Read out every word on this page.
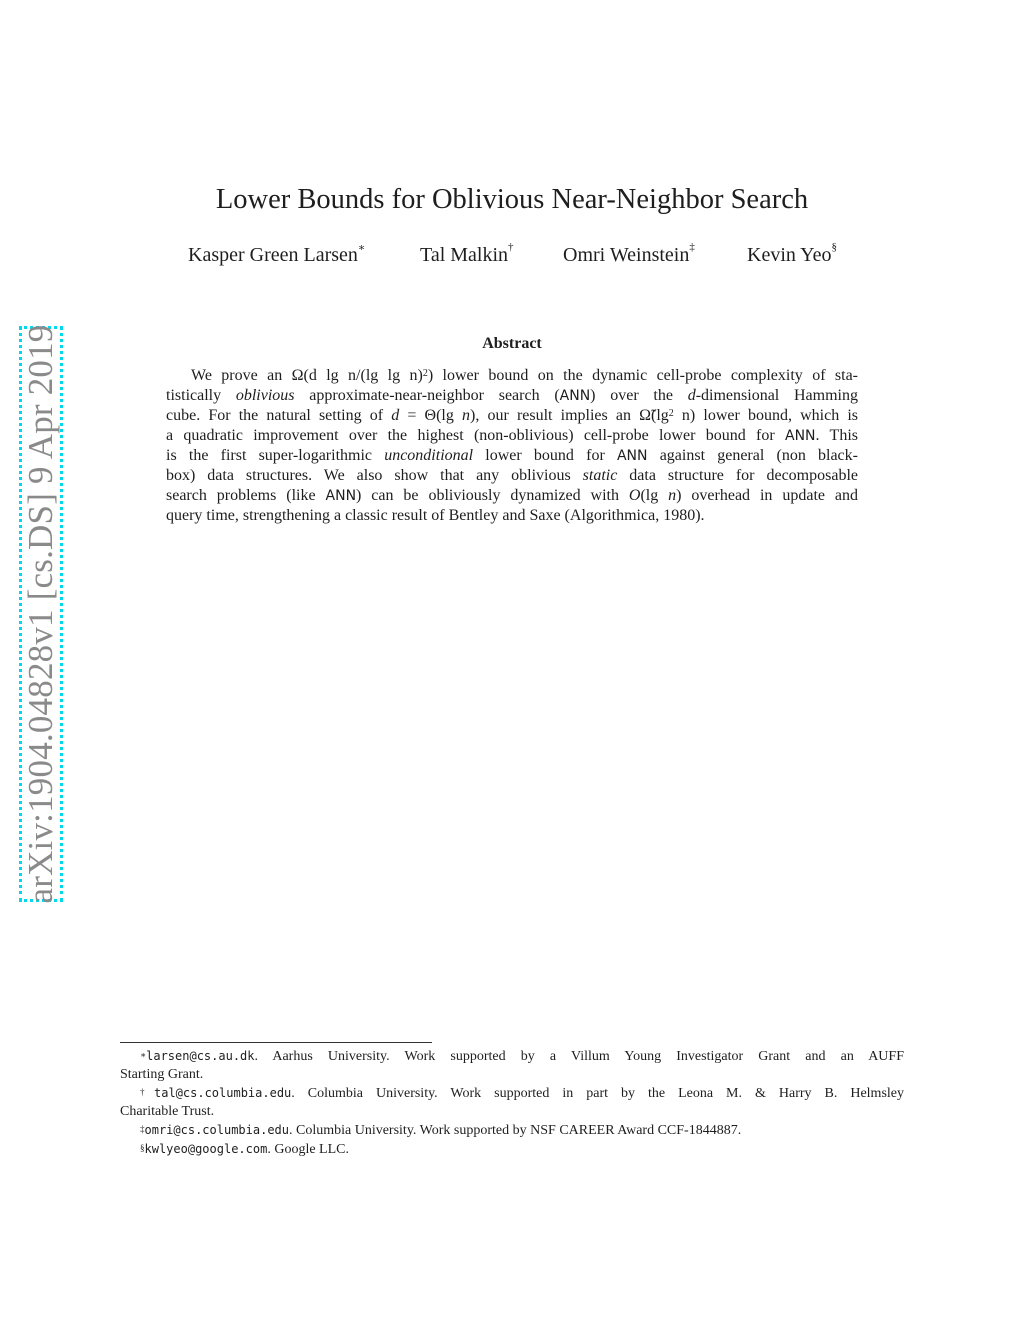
arXiv:1904.04828v1 [cs.DS] 9 Apr 2019
Lower Bounds for Oblivious Near-Neighbor Search
Kasper Green Larsen∗	Tal Malkin† Omri Weinstein‡	Kevin Yeo§
Abstract
We prove an Ω(d lg n/(lg lg n)$^2$) lower bound on the dynamic cell-probe complexity of sta-
tistically oblivious approximate-near-neighbor search (ANN) over the d-dimensional Hamming
cube. For the natural setting of d = Θ(lg n), our result implies an $\Omegã(\lg^2$ n) lower bound, which is
a quadratic improvement over the highest (non-oblivious) cell-probe lower bound for ANN. This
is the first super-logarithmic unconditional lower bound for ANN against general (non black-
box) data structures. We also show that any oblivious static data structure for decomposable
search problems (like ANN) can be obliviously dynamized with O(lg n) overhead in update and
query time, strengthening a classic result of Bentley and Saxe (Algorithmica, 1980).
∗larsen@cs.au.dk. Aarhus University. Work supported by a Villum Young Investigator Grant and an AUFF
Starting Grant.
†tal@cs.columbia.edu. Columbia University. Work supported in part by the Leona M. & Harry B. Helmsley
Charitable Trust.
‡omri@cs.columbia.edu. Columbia University. Work supported by NSF CAREER Award CCF-1844887.
§kwlyeo@google.com. Google LLC.
